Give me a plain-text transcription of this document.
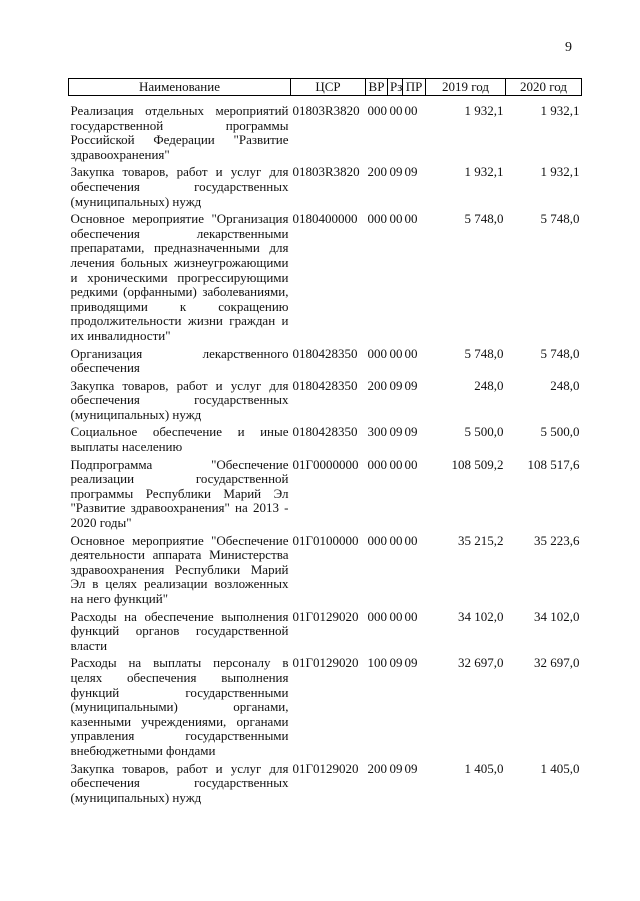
9
Наименование	ЦСР	ВР	Рз	ПР	2019 год	2020 год
Реализация отдельных мероприятий государственной программы Российской Федерации "Развитие здравоохранения"	01803R3820	000	00	00	1 932,1	1 932,1
Закупка товаров, работ и услуг для обеспечения государственных (муниципальных) нужд	01803R3820	200	09	09	1 932,1	1 932,1
Основное мероприятие "Организация обеспечения лекарственными препаратами, предназначенными для лечения больных жизнеугрожающими и хроническими прогрессирующими редкими (орфанными) заболеваниями, приводящими к сокращению продолжительности жизни граждан и их инвалидности"	0180400000	000	00	00	5 748,0	5 748,0
Организация лекарственного обеспечения	0180428350	000	00	00	5 748,0	5 748,0
Закупка товаров, работ и услуг для обеспечения государственных (муниципальных) нужд	0180428350	200	09	09	248,0	248,0
Социальное обеспечение и иные выплаты населению	0180428350	300	09	09	5 500,0	5 500,0
Подпрограмма "Обеспечение реализации государственной программы Республики Марий Эл "Развитие здравоохранения" на 2013 - 2020 годы"	01Г0000000	000	00	00	108 509,2	108 517,6
Основное мероприятие "Обеспечение деятельности аппарата Министерства здравоохранения Республики Марий Эл в целях реализации возложенных на него функций"	01Г0100000	000	00	00	35 215,2	35 223,6
Расходы на обеспечение выполнения функций органов государственной власти	01Г0129020	000	00	00	34 102,0	34 102,0
Расходы на выплаты персоналу в целях обеспечения выполнения функций государственными (муниципальными) органами, казенными учреждениями, органами управления государственными внебюджетными фондами	01Г0129020	100	09	09	32 697,0	32 697,0
Закупка товаров, работ и услуг для обеспечения государственных (муниципальных) нужд	01Г0129020	200	09	09	1 405,0	1 405,0
